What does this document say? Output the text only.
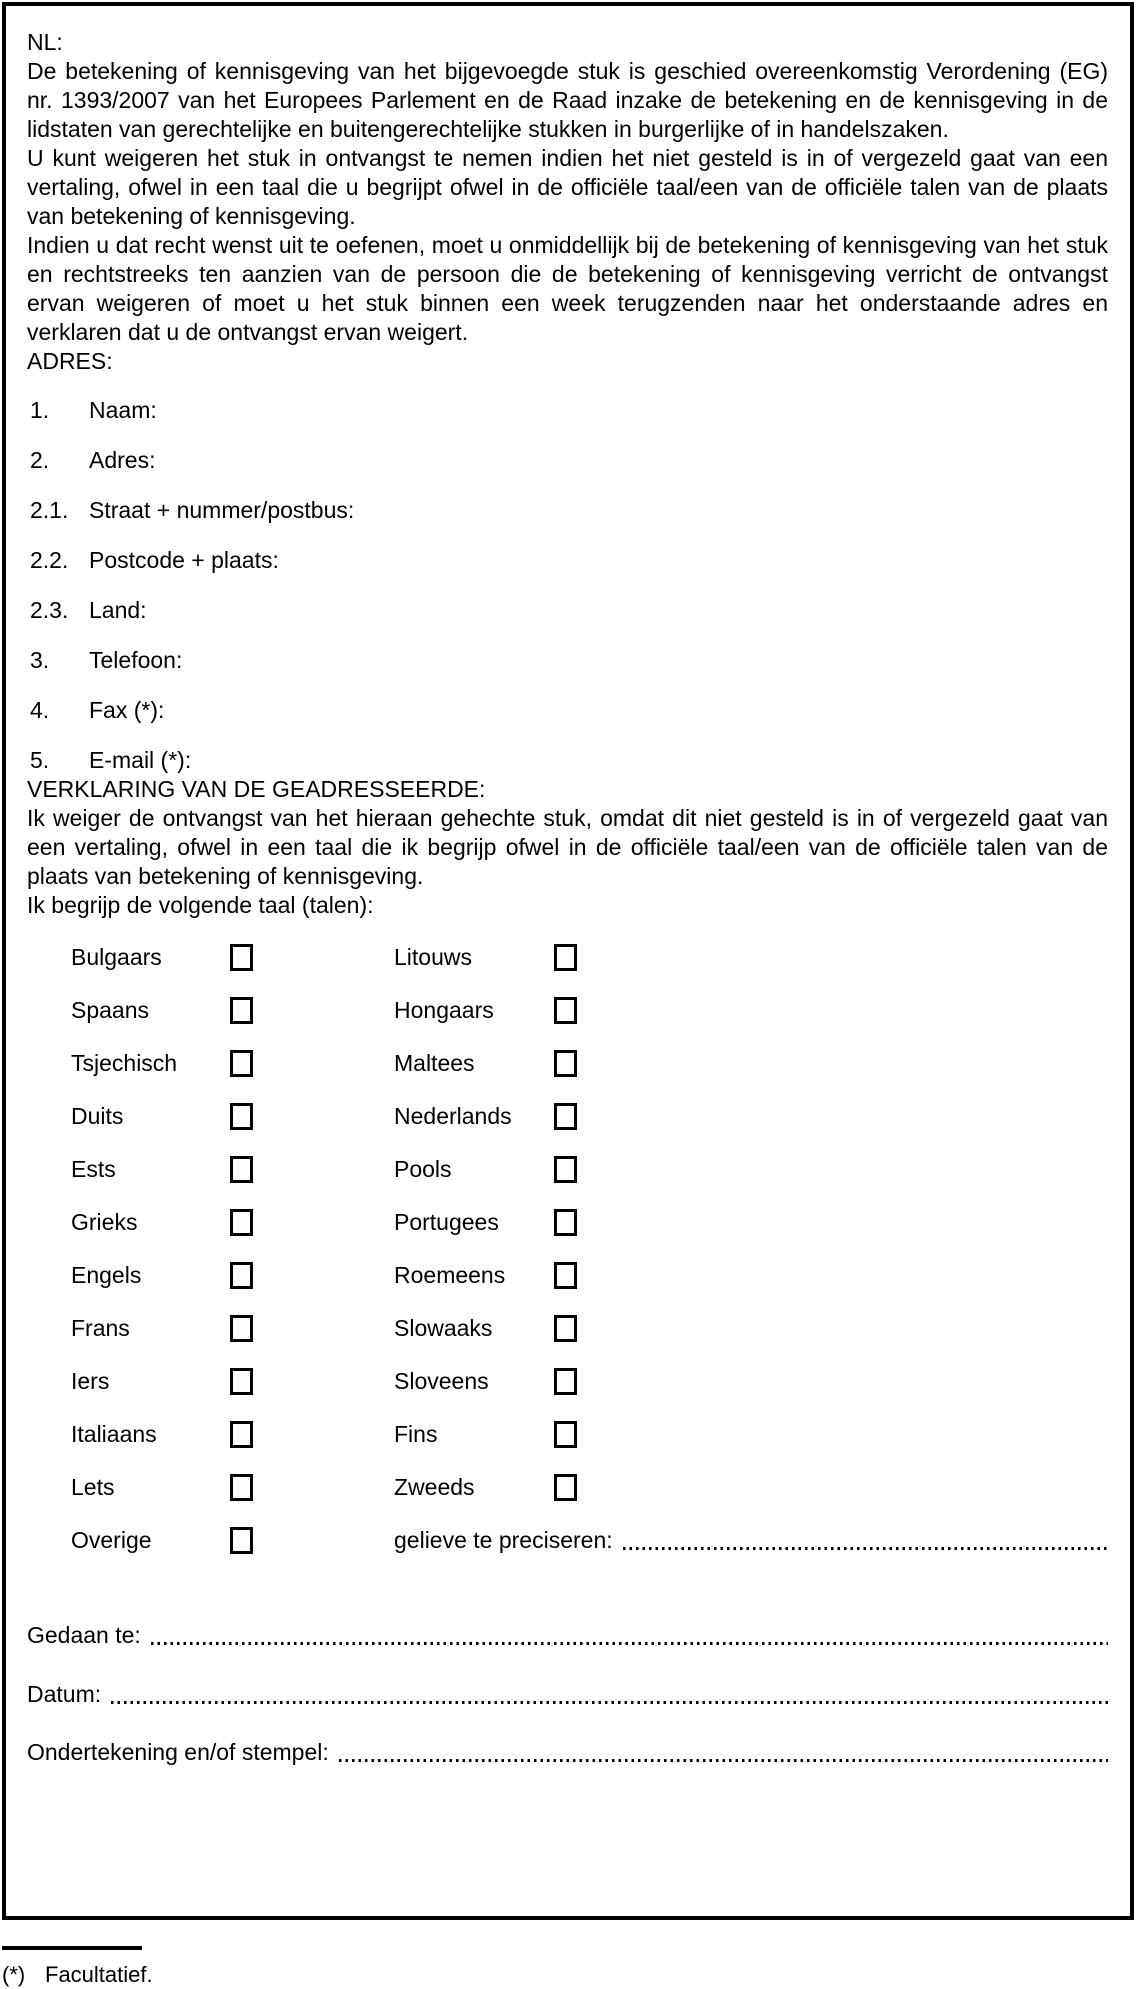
NL:

De betekening of kennisgeving van het bijgevoegde stuk is geschied overeenkomstig Verordening (EG) nr. 1393/2007 van het Europees Parlement en de Raad inzake de betekening en de kennisgeving in de lidstaten van gerechtelijke en buitengerechtelijke stukken in burgerlijke of in handelszaken.

U kunt weigeren het stuk in ontvangst te nemen indien het niet gesteld is in of vergezeld gaat van een vertaling, ofwel in een taal die u begrijpt ofwel in de officiële taal/een van de officiële talen van de plaats van betekening of kennisgeving.

Indien u dat recht wenst uit te oefenen, moet u onmiddellijk bij de betekening of kennisgeving van het stuk en rechtstreeks ten aanzien van de persoon die de betekening of kennisgeving verricht de ontvangst ervan weigeren of moet u het stuk binnen een week terugzenden naar het onderstaande adres en verklaren dat u de ontvangst ervan weigert.

ADRES:

1.	Naam:
2.	Adres:
2.1. Straat + nummer/postbus:
2.2. Postcode + plaats:
2.3. Land:
3.	Telefoon:
4.	Fax (*):
5.	E-mail (*):

VERKLARING VAN DE GEADRESSEERDE:

Ik weiger de ontvangst van het hieraan gehechte stuk, omdat dit niet gesteld is in of vergezeld gaat van een vertaling, ofwel in een taal die ik begrijp ofwel in de officiële taal/een van de officiële talen van de plaats van betekening of kennisgeving.

Ik begrijp de volgende taal (talen):

Bulgaars	Litouws
Spaans	Hongaars
Tsjechisch	Maltees
Duits	Nederlands
Ests	Pools
Grieks	Portugees
Engels	Roemeens
Frans	Slowaaks
Iers	Sloveens
Italiaans	Fins
Lets	Zweeds
Overige	gelieve te preciseren:
Gedaan te:
Datum:
Ondertekening en/of stempel:
(*) Facultatief.
